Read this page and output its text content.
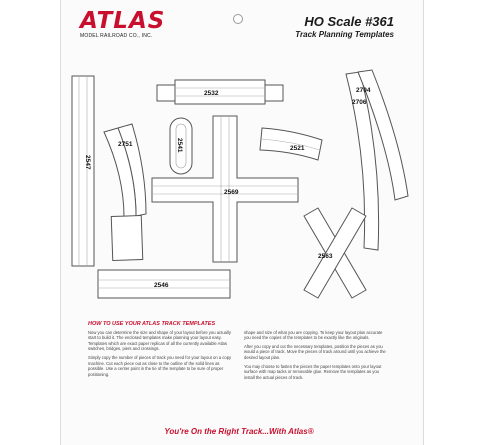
ATLAS
MODEL RAILROAD CO., INC.
HO Scale #361
Track Planning Templates
2532
2547
2751	2541
2569
2521
2704
2706
2563
2546
HOW TO USE YOUR ATLAS TRACK TEMPLATES

Now you can determine the size and shape of your layout before you actually start to build it. The enclosed templates make planning your layout easy. Templates which are exact paper replicas of all the currently available Atlas switches, bridges, piers and crossings.

Simply copy the number of pieces of track you need for your layout on a copy machine. Cut each piece out as close to the outline of the solid lines as possible. Use a center point in the tie of the template to be sure of proper positioning.

shape and size of what you are copying. To keep your layout plan accurate you need the copies of the templates to be exactly like the originals.

After you copy and cut the necessary templates, position the pieces as you would a piece of track. Move the pieces of track around until you achieve the desired layout plan.

You may choose to fasten the pieces the paper templates onto your layout surface with map tacks or removable glue. Remove the templates as you install the actual pieces of track.

You're On the Right Track...With Atlas®
